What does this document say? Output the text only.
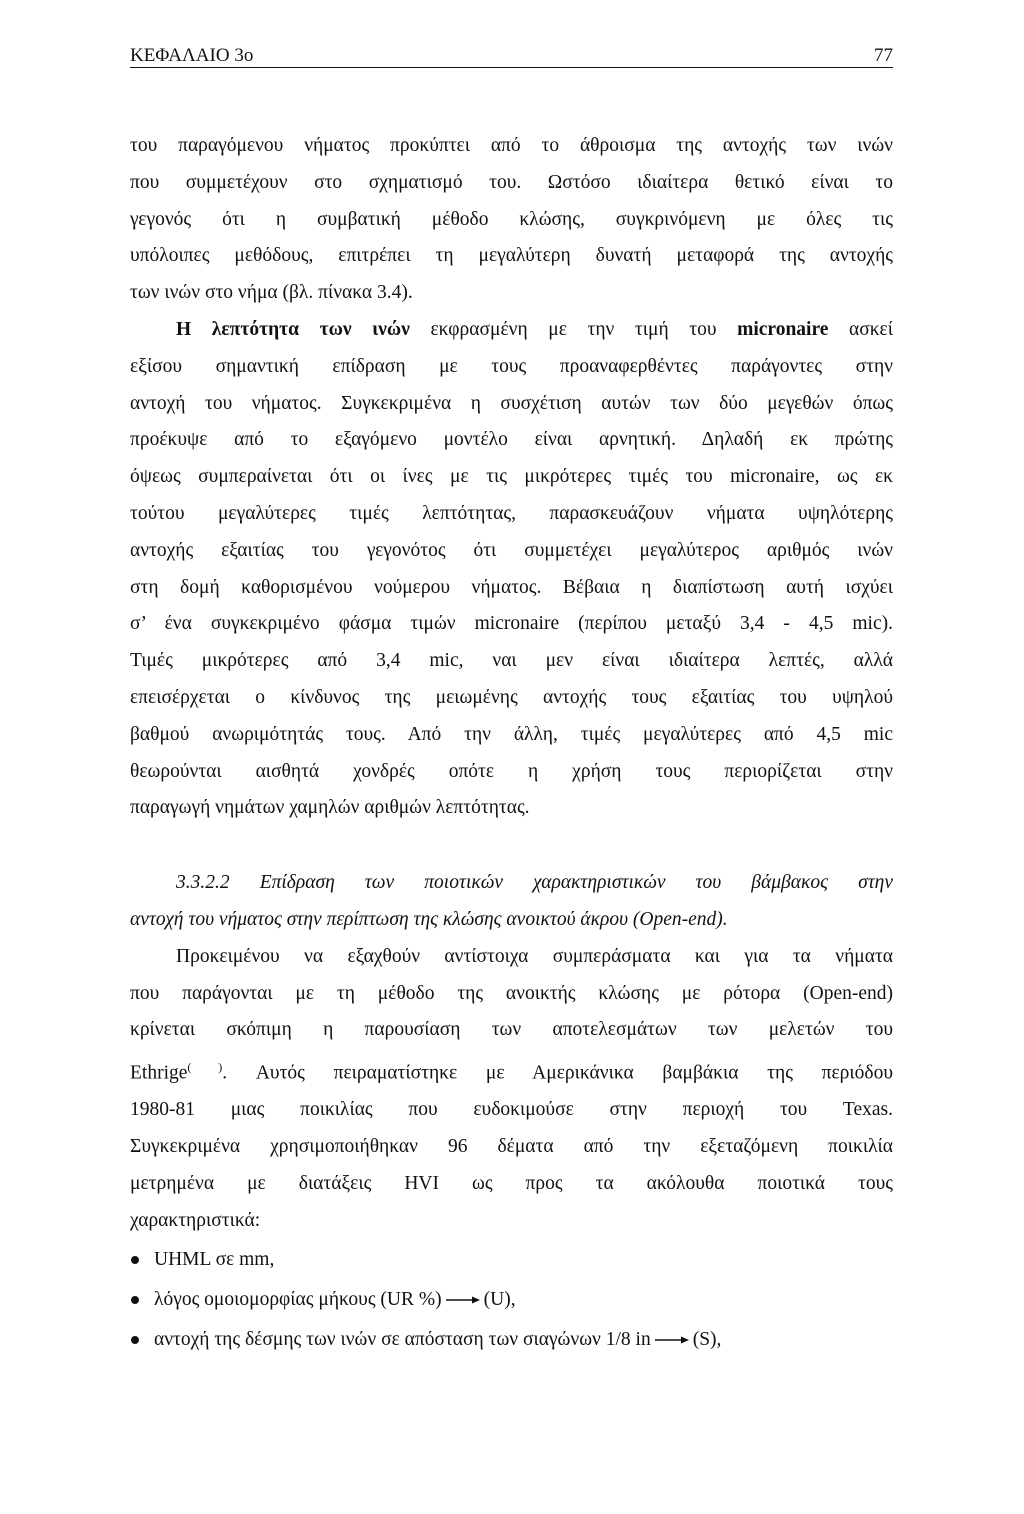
ΚΕΦΑΛΑΙΟ 3ο	77

του παραγόμενου νήματος προκύπτει από το άθροισμα της αντοχής των ινών
που συμμετέχουν στο σχηματισμό του. Ωστόσο ιδιαίτερα θετικό είναι το
γεγονός ότι η συμβατική μέθοδο κλώσης, συγκρινόμενη με όλες τις
υπόλοιπες μεθόδους, επιτρέπει τη μεγαλύτερη δυνατή μεταφορά της αντοχής
των ινών στο νήμα (βλ. πίνακα 3.4).

Η λεπτότητα των ινών εκφρασμένη με την τιμή του micronaire ασκεί
εξίσου σημαντική επίδραση με τους προαναφερθέντες παράγοντες στην
αντοχή του νήματος. Συγκεκριμένα η συσχέτιση αυτών των δύο μεγεθών όπως
προέκυψε από το εξαγόμενο μοντέλο είναι αρνητική. Δηλαδή εκ πρώτης
όψεως συμπεραίνεται ότι οι ίνες με τις μικρότερες τιμές του micronaire, ως εκ
τούτου μεγαλύτερες τιμές λεπτότητας, παρασκευάζουν νήματα υψηλότερης
αντοχής εξαιτίας του γεγονότος ότι συμμετέχει μεγαλύτερος αριθμός ινών
στη δομή καθορισμένου νούμερου νήματος. Βέβαια η διαπίστωση αυτή ισχύει
σ’ ένα συγκεκριμένο φάσμα τιμών micronaire (περίπου μεταξύ 3,4 - 4,5 mic).
Τιμές μικρότερες από 3,4 mic, ναι μεν είναι ιδιαίτερα λεπτές, αλλά
επεισέρχεται ο κίνδυνος της μειωμένης αντοχής τους εξαιτίας του υψηλού
βαθμού ανωριμότητάς τους. Από την άλλη, τιμές μεγαλύτερες από 4,5 mic
θεωρούνται αισθητά χονδρές οπότε η χρήση τους περιορίζεται στην
παραγωγή νημάτων χαμηλών αριθμών λεπτότητας.

3.3.2.2 Επίδραση των ποιοτικών χαρακτηριστικών του βάμβακος στην
αντοχή του νήματος στην περίπτωση της κλώσης ανοικτού άκρου (Open-end).

Προκειμένου να εξαχθούν αντίστοιχα συμπεράσματα και για τα νήματα
που παράγονται με τη μέθοδο της ανοικτής κλώσης με ρότορα (Open-end)
κρίνεται σκόπιμη η παρουσίαση των αποτελεσμάτων των μελετών του
Ethrige( ). Αυτός πειραματίστηκε με Αμερικάνικα βαμβάκια της περιόδου
1980-81 μιας ποικιλίας που ευδοκιμούσε στην περιοχή του Texas.
Συγκεκριμένα χρησιμοποιήθηκαν 96 δέματα από την εξεταζόμενη ποικιλία
μετρημένα με διατάξεις HVI ως προς τα ακόλουθα ποιοτικά τους
χαρακτηριστικά:

UHML σε mm,
λόγος ομοιομορφίας μήκους (UR %) (U),
αντοχή της δέσμης των ινών σε απόσταση των σιαγώνων 1/8 in (S),
